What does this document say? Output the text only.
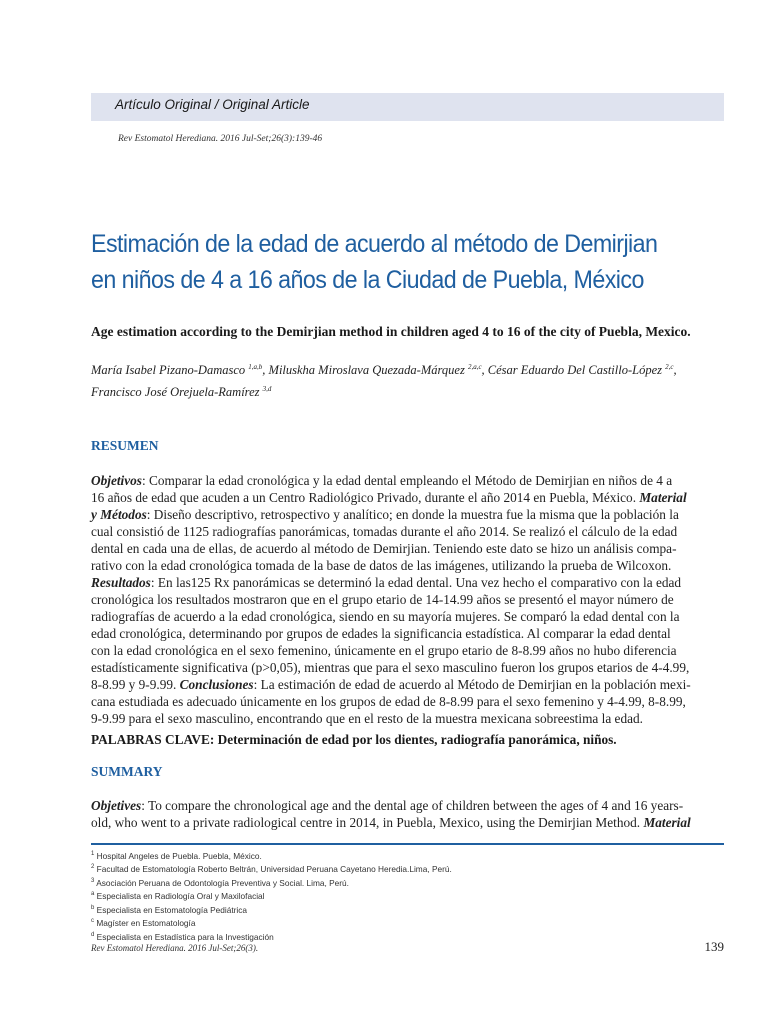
Artículo Original / Original Article
Rev Estomatol Herediana. 2016 Jul-Set;26(3):139-46
Estimación de la edad de acuerdo al método de Demirjian
en niños de 4 a 16 años de la Ciudad de Puebla, México
Age estimation according to the Demirjian method in children aged 4 to 16 of the city of Puebla, Mexico.
María Isabel Pizano-Damasco $^{1,a,b}$, Miluskha Miroslava Quezada-Márquez $^{2,a,c}$, César Eduardo Del Castillo-López $^{2,c}$,
Francisco José Orejuela-Ramírez $^{3,d}$
RESUMEN
Objetivos: Comparar la edad cronológica y la edad dental empleando el Método de Demirjian en niños de 4 a
16 años de edad que acuden a un Centro Radiológico Privado, durante el año 2014 en Puebla, México. Material
y Métodos: Diseño descriptivo, retrospectivo y analítico; en donde la muestra fue la misma que la población la
cual consistió de 1125 radiografías panorámicas, tomadas durante el año 2014. Se realizó el cálculo de la edad
dental en cada una de ellas, de acuerdo al método de Demirjian. Teniendo este dato se hizo un análisis compa-
rativo con la edad cronológica tomada de la base de datos de las imágenes, utilizando la prueba de Wilcoxon.
Resultados: En las125 Rx panorámicas se determinó la edad dental. Una vez hecho el comparativo con la edad
cronológica los resultados mostraron que en el grupo etario de 14-14.99 años se presentó el mayor número de
radiografías de acuerdo a la edad cronológica, siendo en su mayoría mujeres. Se comparó la edad dental con la
edad cronológica, determinando por grupos de edades la significancia estadística. Al comparar la edad dental
con la edad cronológica en el sexo femenino, únicamente en el grupo etario de 8-8.99 años no hubo diferencia
estadísticamente significativa (p>0,05), mientras que para el sexo masculino fueron los grupos etarios de 4-4.99,
8-8.99 y 9-9.99. Conclusiones: La estimación de edad de acuerdo al Método de Demirjian en la población mexi-
cana estudiada es adecuado únicamente en los grupos de edad de 8-8.99 para el sexo femenino y 4-4.99, 8-8.99,
9-9.99 para el sexo masculino, encontrando que en el resto de la muestra mexicana sobreestima la edad.
PALABRAS CLAVE: Determinación de edad por los dientes, radiografía panorámica, niños.
SUMMARY
Objetives: To compare the chronological age and the dental age of children between the ages of 4 and 16 years-
old, who went to a private radiological centre in 2014, in Puebla, Mexico, using the Demirjian Method. Material
$^1$ Hospital Angeles de Puebla. Puebla, México.
$^2$ Facultad de Estomatología Roberto Beltrán, Universidad Peruana Cayetano Heredia.Lima, Perú.
$^3$ Asociación Peruana de Odontología Preventiva y Social. Lima, Perú.
$^a$ Especialista en Radiología Oral y Maxilofacial
$^b$ Especialista en Estomatología Pediátrica
$^c$ Magíster en Estomatología
$^d$ Especialista en Estadística para la Investigación
Rev Estomatol Herediana. 2016 Jul-Set;26(3).	139
